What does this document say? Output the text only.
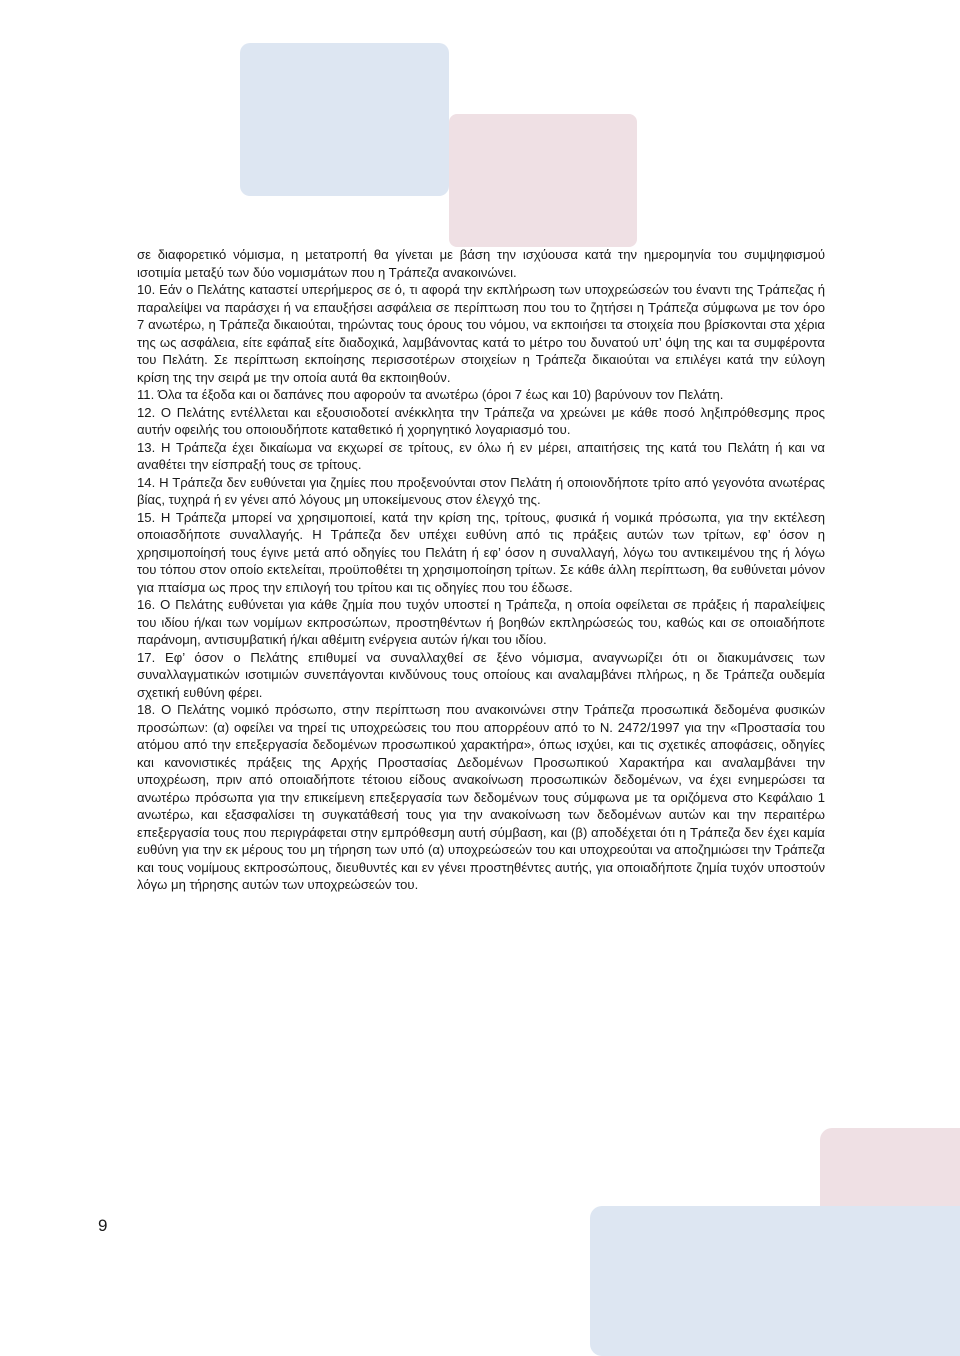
σε διαφορετικό νόμισμα, η μετατροπή θα γίνεται με βάση την ισχύουσα κατά την ημερομηνία του συμψηφισμού ισοτιμία μεταξύ των δύο νομισμάτων που η Τράπεζα ανακοινώνει.

10. Εάν ο Πελάτης καταστεί υπερήμερος σε ό, τι αφορά την εκπλήρωση των υποχρεώσεών του έναντι της Τράπεζας ή παραλείψει να παράσχει ή να επαυξήσει ασφάλεια σε περίπτωση που του το ζητήσει η Τράπεζα σύμφωνα με τον όρο 7 ανωτέρω, η Τράπεζα δικαιούται, τηρώντας τους όρους του νόμου, να εκποιήσει τα στοιχεία που βρίσκονται στα χέρια της ως ασφάλεια, είτε εφάπαξ είτε διαδοχικά, λαμβάνοντας κατά το μέτρο του δυνατού υπ’ όψη της και τα συμφέροντα του Πελάτη. Σε περίπτωση εκποίησης περισσοτέρων στοιχείων η Τράπεζα δικαιούται να επιλέγει κατά την εύλογη κρίση της την σειρά με την οποία αυτά θα εκποιηθούν.

11. Όλα τα έξοδα και οι δαπάνες που αφορούν τα ανωτέρω (όροι 7 έως και 10) βαρύνουν τον Πελάτη.

12. Ο Πελάτης εντέλλεται και εξουσιοδοτεί ανέκκλητα την Τράπεζα να χρεώνει με κάθε ποσό ληξιπρόθεσμης προς αυτήν οφειλής του οποιουδήποτε καταθετικό ή χορηγητικό λογαριασμό του.

13. Η Τράπεζα έχει δικαίωμα να εκχωρεί σε τρίτους, εν όλω ή εν μέρει, απαιτήσεις της κατά του Πελάτη ή και να αναθέτει την είσπραξή τους σε τρίτους.

14. Η Τράπεζα δεν ευθύνεται για ζημίες που προξενούνται στον Πελάτη ή οποιονδήποτε τρίτο από γεγονότα ανωτέρας βίας, τυχηρά ή εν γένει από λόγους μη υποκείμενους στον έλεγχό της.

15. Η Τράπεζα μπορεί να χρησιμοποιεί, κατά την κρίση της, τρίτους, φυσικά ή νομικά πρόσωπα, για την εκτέλεση οποιασδήποτε συναλλαγής. Η Τράπεζα δεν υπέχει ευθύνη από τις πράξεις αυτών των τρίτων, εφ’ όσον η χρησιμοποίησή τους έγινε μετά από οδηγίες του Πελάτη ή εφ’ όσον η συναλλαγή, λόγω του αντικειμένου της ή λόγω του τόπου στον οποίο εκτελείται, προϋποθέτει τη χρησιμοποίηση τρίτων. Σε κάθε άλλη περίπτωση, θα ευθύνεται μόνον για πταίσμα ως προς την επιλογή του τρίτου και τις οδηγίες που του έδωσε.

16. Ο Πελάτης ευθύνεται για κάθε ζημία που τυχόν υποστεί η Τράπεζα, η οποία οφείλεται σε πράξεις ή παραλείψεις του ιδίου ή/και των νομίμων εκπροσώπων, προστηθέντων ή βοηθών εκπληρώσεώς του, καθώς και σε οποιαδήποτε παράνομη, αντισυμβατική ή/και αθέμιτη ενέργεια αυτών ή/και του ιδίου.

17. Εφ’ όσον ο Πελάτης επιθυμεί να συναλλαχθεί σε ξένο νόμισμα, αναγνωρίζει ότι οι διακυμάνσεις των συναλλαγματικών ισοτιμιών συνεπάγονται κινδύνους τους οποίους και αναλαμβάνει πλήρως, η δε Τράπεζα ουδεμία σχετική ευθύνη φέρει.

18. Ο Πελάτης νομικό πρόσωπο, στην περίπτωση που ανακοινώνει στην Τράπεζα προσωπικά δεδομένα φυσικών προσώπων: (α) οφείλει να τηρεί τις υποχρεώσεις του που απορρέουν από το Ν. 2472/1997 για την «Προστασία του ατόμου από την επεξεργασία δεδομένων προσωπικού χαρακτήρα», όπως ισχύει, και τις σχετικές αποφάσεις, οδηγίες και κανονιστικές πράξεις της Αρχής Προστασίας Δεδομένων Προσωπικού Χαρακτήρα και αναλαμβάνει την υποχρέωση, πριν από οποιαδήποτε τέτοιου είδους ανακοίνωση προσωπικών δεδομένων, να έχει ενημερώσει τα ανωτέρω πρόσωπα για την επικείμενη επεξεργασία των δεδομένων τους σύμφωνα με τα οριζόμενα στο Κεφάλαιο 1 ανωτέρω, και εξασφαλίσει τη συγκατάθεσή τους για την ανακοίνωση των δεδομένων αυτών και την περαιτέρω επεξεργασία τους που περιγράφεται στην εμπρόθεσμη αυτή σύμβαση, και (β) αποδέχεται ότι η Τράπεζα δεν έχει καμία ευθύνη για την εκ μέρους του μη τήρηση των υπό (α) υποχρεώσεών του και υποχρεούται να αποζημιώσει την Τράπεζα και τους νομίμους εκπροσώπους, διευθυντές και εν γένει προστηθέντες αυτής, για οποιαδήποτε ζημία τυχόν υποστούν λόγω μη τήρησης αυτών των υποχρεώσεών του.

9
